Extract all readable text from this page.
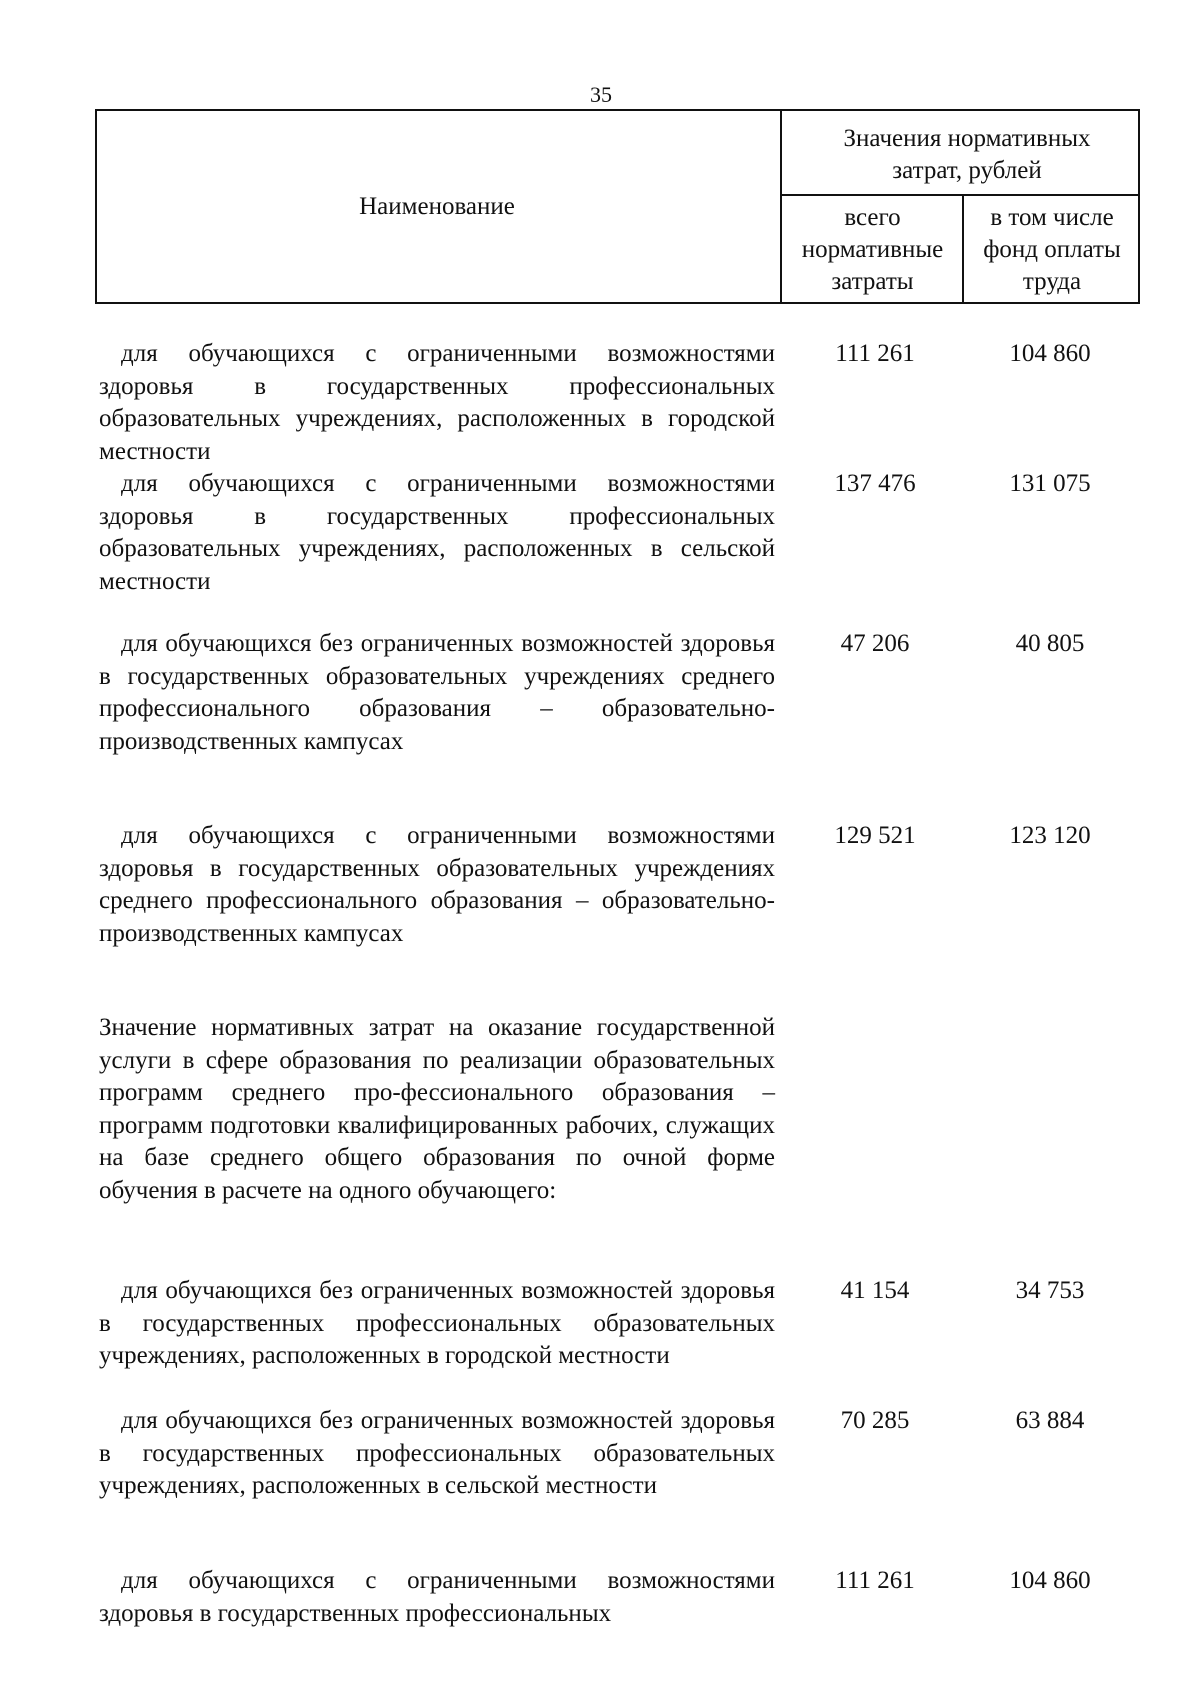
35
Наименование
Значения нормативных затрат, рублей
всего нормативные затраты
в том числе фонд оплаты труда
для обучающихся с ограниченными возможностями здоровья в государственных профессиональных образовательных учреждениях, расположенных в городской местности
111 261	104 860
для обучающихся с ограниченными возможностями здоровья в государственных профессиональных образовательных учреждениях, расположенных в сельской местности
137 476	131 075
для обучающихся без ограниченных возможностей здоровья в государственных образовательных учреждениях среднего профессионального образования – образовательно-производственных кампусах
47 206	40 805
для обучающихся с ограниченными возможностями здоровья в государственных образовательных учреждениях среднего профессионального образования – образовательно-производственных кампусах
129 521	123 120
Значение нормативных затрат на оказание государственной услуги в сфере образования по реализации образовательных программ среднего про-фессионального образования – программ подготовки квалифицированных рабочих, служащих на базе среднего общего образования по очной форме обучения в расчете на одного обучающего:
для обучающихся без ограниченных возможностей здоровья в государственных профессиональных образовательных учреждениях, расположенных в городской местности
41 154	34 753
для обучающихся без ограниченных возможностей здоровья в государственных профессиональных образовательных учреждениях, расположенных в сельской местности
70 285	63 884
для обучающихся с ограниченными возможностями здоровья в государственных профессиональных
111 261	104 860
